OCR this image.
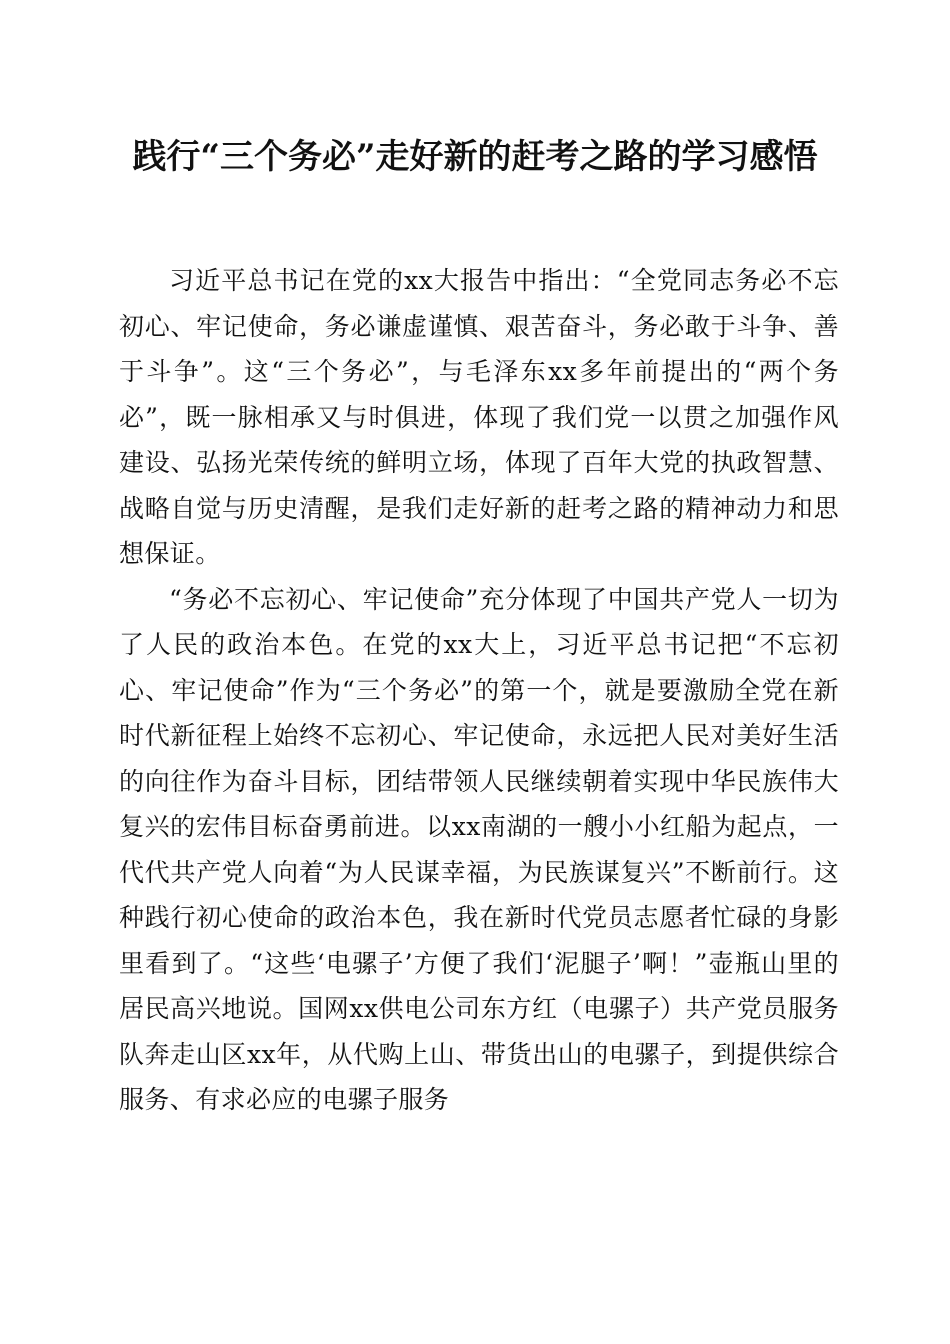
践行“三个务必”走好新的赶考之路的学习感悟

习近平总书记在党的xx大报告中指出：“全党同志务必不忘初心、牢记使命，务必谦虚谨慎、艰苦奋斗，务必敢于斗争、善于斗争”。这“三个务必”，与毛泽东xx多年前提出的“两个务必”，既一脉相承又与时俱进，体现了我们党一以贯之加强作风建设、弘扬光荣传统的鲜明立场，体现了百年大党的执政智慧、战略自觉与历史清醒，是我们走好新的赶考之路的精神动力和思想保证。

“务必不忘初心、牢记使命”充分体现了中国共产党人一切为了人民的政治本色。在党的xx大上，习近平总书记把“不忘初心、牢记使命”作为“三个务必”的第一个，就是要激励全党在新时代新征程上始终不忘初心、牢记使命，永远把人民对美好生活的向往作为奋斗目标，团结带领人民继续朝着实现中华民族伟大复兴的宏伟目标奋勇前进。以xx南湖的一艘小小红船为起点，一代代共产党人向着“为人民谋幸福，为民族谋复兴”不断前行。这种践行初心使命的政治本色，我在新时代党员志愿者忙碌的身影里看到了。“这些‘电骡子’方便了我们‘泥腿子’啊！”壶瓶山里的居民高兴地说。国网xx供电公司东方红（电骡子）共产党员服务队奔走山区xx年，从代购上山、带货出山的电骡子，到提供综合服务、有求必应的电骡子服务
